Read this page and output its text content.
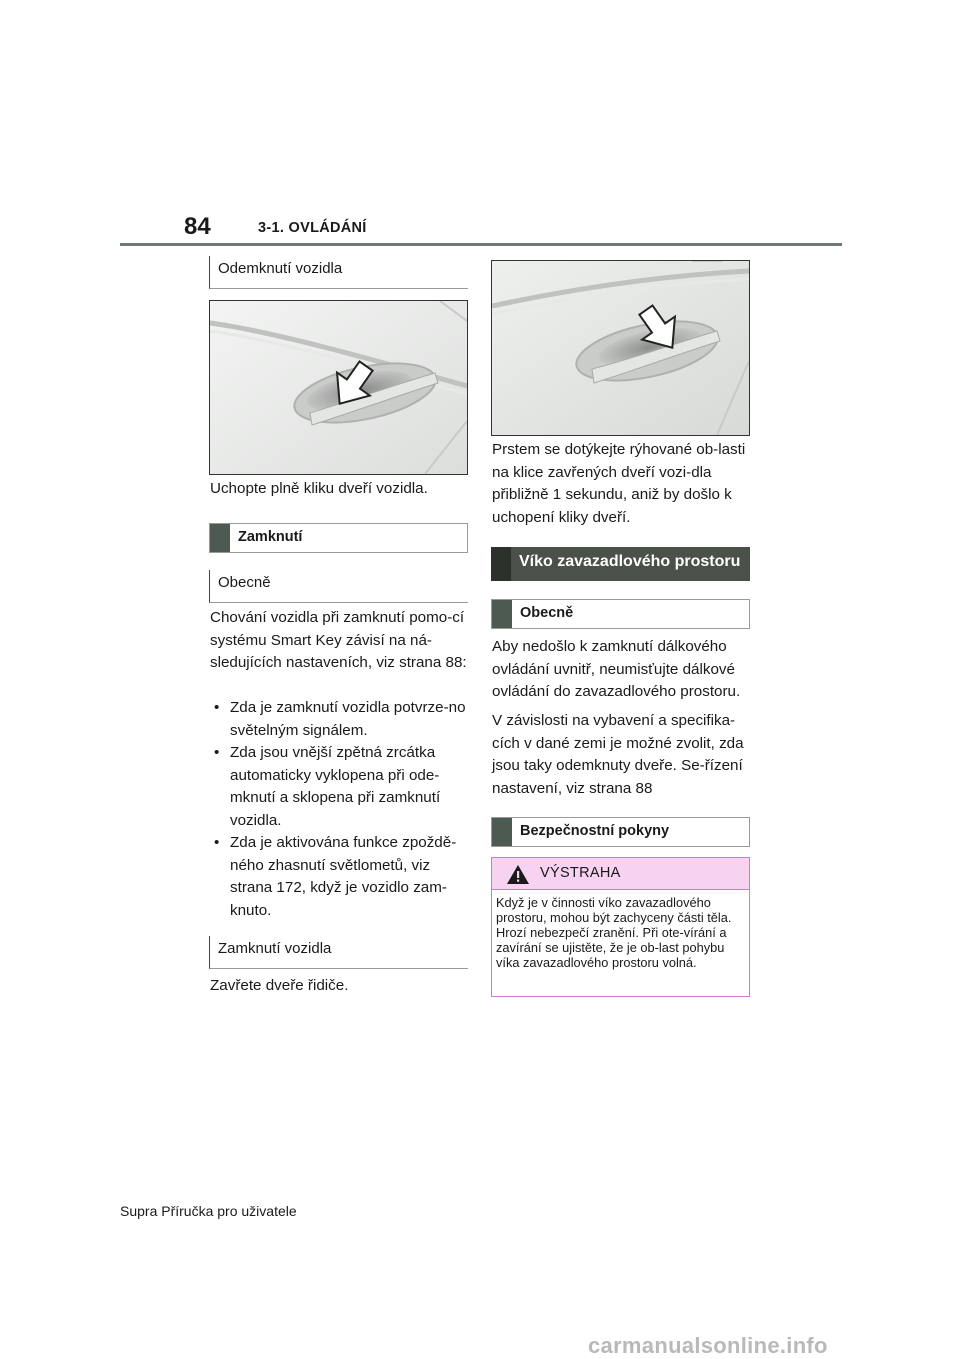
84	3-1. OVLÁDÁNÍ
Odemknutí vozidla
Uchopte plně kliku dveří vozidla.
Zamknutí
Obecně
Chování vozidla při zamknutí pomo-cí systému Smart Key závisí na ná-sledujících nastaveních, viz strana 88:
• Zda je zamknutí vozidla potvrze-no světelným signálem.
• Zda jsou vnější zpětná zrcátka automaticky vyklopena při ode-mknutí a sklopena při zamknutí vozidla.
• Zda je aktivována funkce zpoždě-ného zhasnutí světlometů, viz strana 172, když je vozidlo zam-knuto.
Zamknutí vozidla
Zavřete dveře řidiče.
Prstem se dotýkejte rýhované ob-lasti na klice zavřených dveří vozi-dla přibližně 1 sekundu, aniž by došlo k uchopení kliky dveří.
Víko zavazadlového prostoru
Obecně
Aby nedošlo k zamknutí dálkového ovládání uvnitř, neumisťujte dálkové ovládání do zavazadlového prostoru.
V závislosti na vybavení a specifika-cích v dané zemi je možné zvolit, zda jsou taky odemknuty dveře. Se-řízení nastavení, viz strana 88
Bezpečnostní pokyny
VÝSTRAHA
Když je v činnosti víko zavazadlového prostoru, mohou být zachyceny části těla. Hrozí nebezpečí zranění. Při ote-vírání a zavírání se ujistěte, že je ob-last pohybu víka zavazadlového prostoru volná.
Supra Příručka pro uživatele
carmanualsonline.info
